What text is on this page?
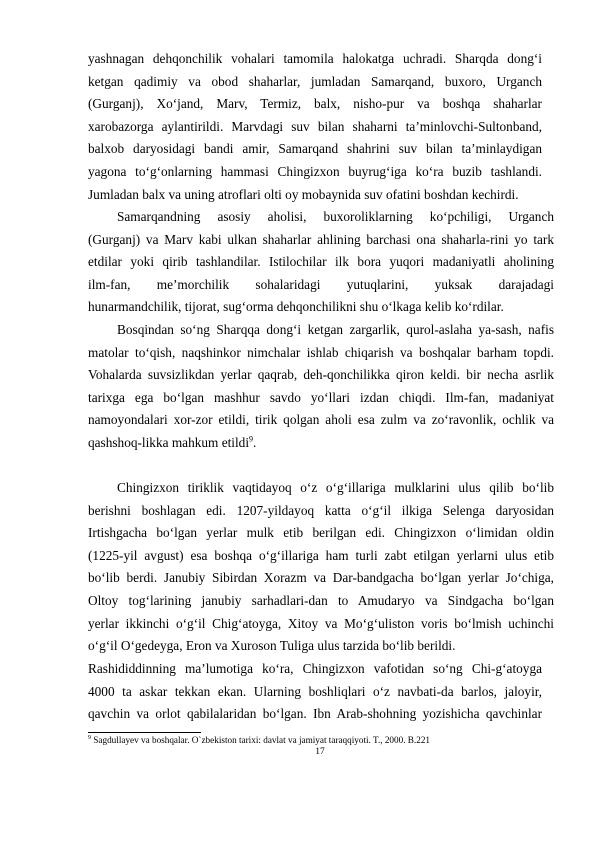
yashnagan dehqonchilik vohalari tamomila halokatga uchradi. Sharqda dong‘i
ketgan qadimiy va obod shaharlar, jumladan Samarqand, buxoro, Urganch
(Gurganj), Xo‘jand, Marv, Termiz, balx, nisho-pur va boshqa shaharlar
xarobazorga aylantirildi. Marvdagi suv bilan shaharni ta’minlovchi-Sultonband,
balxob daryosidagi bandi amir, Samarqand shahrini suv bilan ta’minlaydigan
yagona to‘g‘onlarning hammasi Chingizxon buyrug‘iga ko‘ra buzib tashlandi.
Jumladan balx va uning atroflari olti oy mobaynida suv ofatini boshdan kechirdi.
Samarqandning asosiy aholisi, buxoroliklarning ko‘pchiligi, Urganch
(Gurganj) va Marv kabi ulkan shaharlar ahlining barchasi ona shaharla-rini yo tark
etdilar yoki qirib tashlandilar. Istilochilar ilk bora yuqori madaniyatli aholining
ilm-fan, me’morchilik sohalaridagi yutuqlarini, yuksak darajadagi
hunarmandchilik, tijorat, sug‘orma dehqonchilikni shu o‘lkaga kelib ko‘rdilar.
Bosqindan so‘ng Sharqqa dong‘i ketgan zargarlik, qurol-aslaha ya-sash, nafis
matolar to‘qish, naqshinkor nimchalar ishlab chiqarish va boshqalar barham topdi.
Vohalarda suvsizlikdan yerlar qaqrab, deh-qonchilikka qiron keldi. bir necha asrlik
tarixga ega bo‘lgan mashhur savdo yo‘llari izdan chiqdi. Ilm-fan, madaniyat
namoyondalari xor-zor etildi, tirik qolgan aholi esa zulm va zo‘ravonlik, ochlik va
qashshoq-likka mahkum etildi$^9$.
Chingizxon tiriklik vaqtidayoq o‘z o‘g‘illariga mulklarini ulus qilib bo‘lib
berishni boshlagan edi. 1207-yildayoq katta o‘g‘il ilkiga Selenga daryosidan
Irtishgacha bo‘lgan yerlar mulk etib berilgan edi. Chingizxon o‘limidan oldin
(1225-yil avgust) esa boshqa o‘g‘illariga ham turli zabt etilgan yerlarni ulus etib
bo‘lib berdi. Janubiy Sibirdan Xorazm va Dar-bandgacha bo‘lgan yerlar Jo‘chiga,
Oltoy tog‘larining janubiy sarhadlari-dan to Amudaryo va Sindgacha bo‘lgan
yerlar ikkinchi o‘g‘il Chig‘atoyga, Xitoy va Mo‘g‘uliston voris bo‘lmish uchinchi
o‘g‘il O‘gedeyga, Eron va Xuroson Tuliga ulus tarzida bo‘lib berildi.
Rashididdinning ma’lumotiga ko‘ra, Chingizxon vafotidan so‘ng Chi-g‘atoyga
4000 ta askar tekkan ekan. Ularning boshliqlari o‘z navbati-da barlos, jaloyir,
qavchin va orlot qabilalaridan bo‘lgan. Ibn Arab-shohning yozishicha qavchinlar
$^9$ Sagdullayev va boshqalar. O`zbekiston tarixi: davlat va jamiyat taraqqiyoti. T., 2000. B.221
17
